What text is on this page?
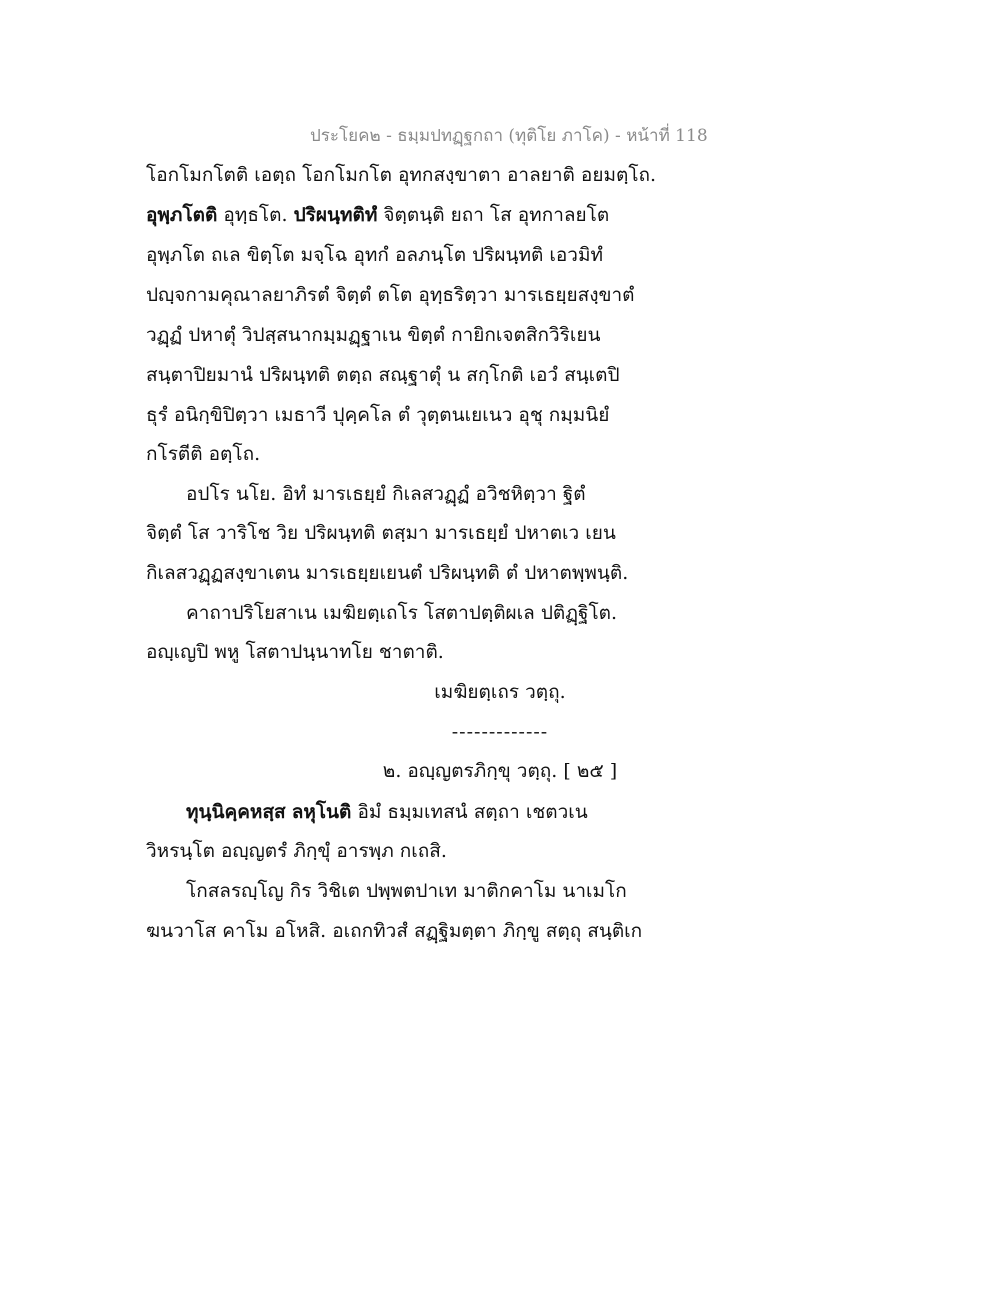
ประโยค๒ - ธมฺมปทฏฺฐกถา (ทุติโย ภาโค) - หน้าที่ 118
โอกโมกโตติ เอตฺถ โอกโมกโต อุทกสงฺขาตา อาลยาติ อยมตฺโถ.
อุพฺภโตติ อุทฺธโต. ปริผนฺทติทํ จิตฺตนฺติ ยถา โส อุทกาลยโต
อุพฺภโต ถเล ขิตฺโต มจฺโฉ อุทกํ อลภนฺโต ปริผนฺทติ เอวมิทํ
ปญฺจกามคุณาลยาภิรตํ จิตฺตํ ตโต อุทฺธริตฺวา มารเธยฺยสงฺขาตํ
วฏฺฏํ ปหาตุํ วิปสฺสนากมฺมฏฺฐาเน ขิตฺตํ กายิกเจตสิกวิริเยน
สนฺตาปิยมานํ ปริผนฺทติ ตตฺถ สณฺฐาตุํ น สกฺโกติ เอวํ สนฺเตปิ
ธุรํ อนิกฺขิปิตฺวา เมธาวี ปุคฺคโล ตํ วุตฺตนเยเนว อุชุ กมฺมนิยํ
กโรตีติ อตฺโถ.
อปโร นโย. อิทํ มารเธยฺยํ กิเลสวฏฺฏํ อวิชหิตฺวา ฐิตํ
จิตฺตํ โส วาริโช วิย ปริผนฺทติ ตสฺมา มารเธยฺยํ ปหาตเว เยน
กิเลสวฏฺฏสงฺขาเตน มารเธยฺยเยนตํ ปริผนฺทติ ตํ ปหาตพฺพนฺติ.
คาถาปริโยสาเน เมฆิยตฺเถโร โสตาปตฺติผเล ปติฏฺฐิโต.
อญฺเญปิ พหู โสตาปนฺนาทโย ชาตาติ.
เมฆิยตฺเถร วตฺถุ.
-------------
๒. อญฺญตรภิกฺขุ วตฺถุ. [ ๒๕ ]
ทุนฺนิคฺคหสฺส ลหุโนติ อิมํ ธมฺมเทสนํ สตฺถา เชตวเน
วิหรนฺโต อญฺญตรํ ภิกฺขุํ อารพฺภ กเถสิ.
โกสลรญฺโญ กิร วิชิเต ปพฺพตปาเท มาติกคาโม นาเมโก
ฆนวาโส คาโม อโหสิ. อเถกทิวสํ สฏฺฐิมตฺตา ภิกฺขู สตฺถุ สนฺติเก
